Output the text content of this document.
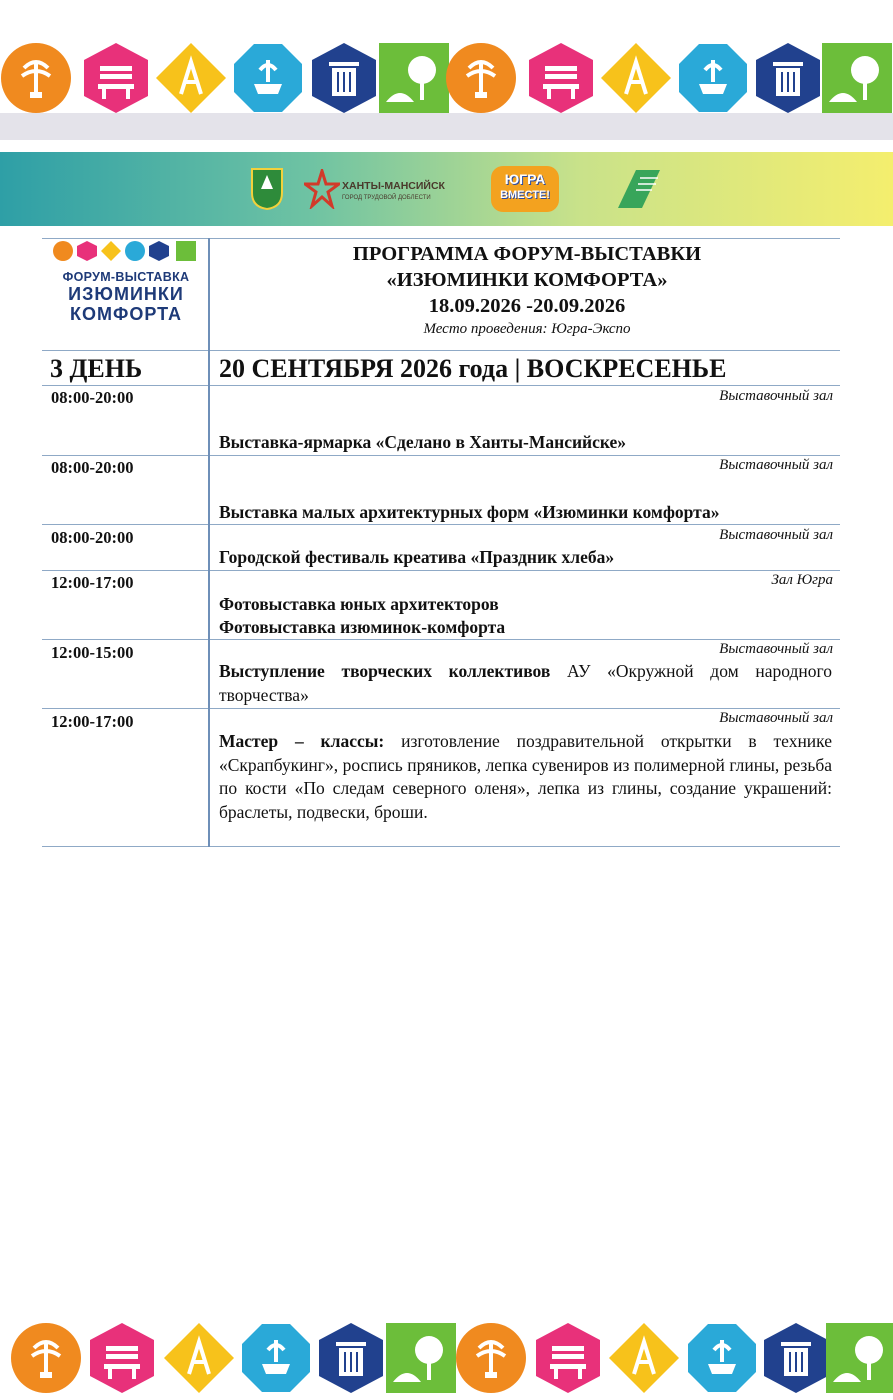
ХАНТЫ-МАНСИЙСК
ГОРОД ТРУДОВОЙ ДОБЛЕСТИ
ЮГРА
ВМЕСТЕ!
ФОРУМ-ВЫСТАВКА
ИЗЮМИНКИ
КОМФОРТА
ПРОГРАММА ФОРУМ-ВЫСТАВКИ
«ИЗЮМИНКИ КОМФОРТА»
18.09.2026 -20.09.2026
Место проведения: Югра-Экспо
3 ДЕНЬ	20 СЕНТЯБРЯ 2026 года | ВОСКРЕСЕНЬЕ
08:00-20:00	Выставочный зал
Выставка-ярмарка «Сделано в Ханты-Мансийске»
08:00-20:00	Выставочный зал
Выставка малых архитектурных форм «Изюминки комфорта»
08:00-20:00	Выставочный зал
Городской фестиваль креатива «Праздник хлеба»
12:00-17:00	Зал Югра
Фотовыставка юных архитекторов
Фотовыставка изюминок-комфорта
12:00-15:00	Выставочный зал
Выступление творческих коллективов АУ «Окружной дом народного творчества»
12:00-17:00	Выставочный зал
Мастер – классы: изготовление поздравительной открытки в технике «Скрапбукинг», роспись пряников, лепка сувениров из полимерной глины, резьба по кости «По следам северного оленя», лепка из глины, создание украшений: браслеты, подвески, броши.
